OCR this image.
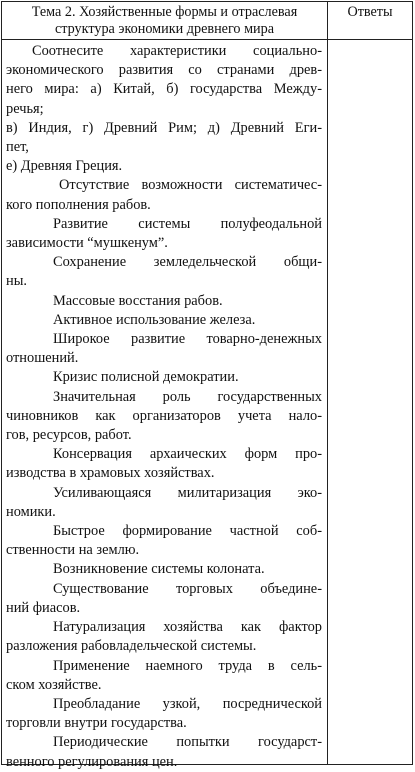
Тема 2. Хозяйственные формы и отраслевая
структура экономики древнего мира
Ответы
Соотнесите характеристики социально-
экономического развития со странами древ-
него мира: а) Китай, б) государства Между-
речья;
в) Индия, г) Древний Рим; д) Древний Еги-
пет,
е) Древняя Греция.
Отсутствие возможности систематичес-
кого пополнения рабов.
Развитие системы полуфеодальной
зависимости “мушкенум”.
Сохранение земледельческой общи-
ны.
Массовые восстания рабов.
Активное использование железа.
Широкое развитие товарно-денежных
отношений.
Кризис полисной демократии.
Значительная роль государственных
чиновников как организаторов учета нало-
гов, ресурсов, работ.
Консервация архаических форм про-
изводства в храмовых хозяйствах.
Усиливающаяся милитаризация эко-
номики.
Быстрое формирование частной соб-
ственности на землю.
Возникновение системы колоната.
Существование торговых объедине-
ний фиасов.
Натурализация хозяйства как фактор
разложения рабовладельческой системы.
Применение наемного труда в сель-
ском хозяйстве.
Преобладание узкой, посреднической
торговли внутри государства.
Периодические попытки государст-
венного регулирования цен.
